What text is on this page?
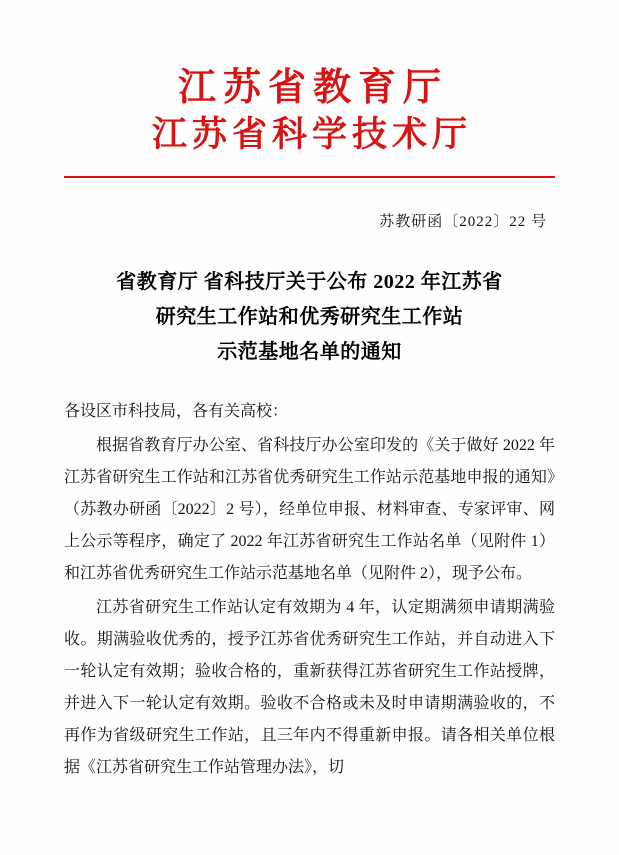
江苏省教育厅
江苏省科学技术厅
苏教研函〔2022〕22 号
省教育厅 省科技厅关于公布 2022 年江苏省
研究生工作站和优秀研究生工作站
示范基地名单的通知

各设区市科技局，各有关高校：

根据省教育厅办公室、省科技厅办公室印发的《关于做好 2022 年江苏省研究生工作站和江苏省优秀研究生工作站示范基地申报的通知》（苏教办研函〔2022〕2 号），经单位申报、材料审查、专家评审、网上公示等程序，确定了 2022 年江苏省研究生工作站名单（见附件 1）和江苏省优秀研究生工作站示范基地名单（见附件 2），现予公布。

江苏省研究生工作站认定有效期为 4 年，认定期满须申请期满验收。期满验收优秀的，授予江苏省优秀研究生工作站，并自动进入下一轮认定有效期；验收合格的，重新获得江苏省研究生工作站授牌，并进入下一轮认定有效期。验收不合格或未及时申请期满验收的，不再作为省级研究生工作站，且三年内不得重新申报。请各相关单位根据《江苏省研究生工作站管理办法》，切
